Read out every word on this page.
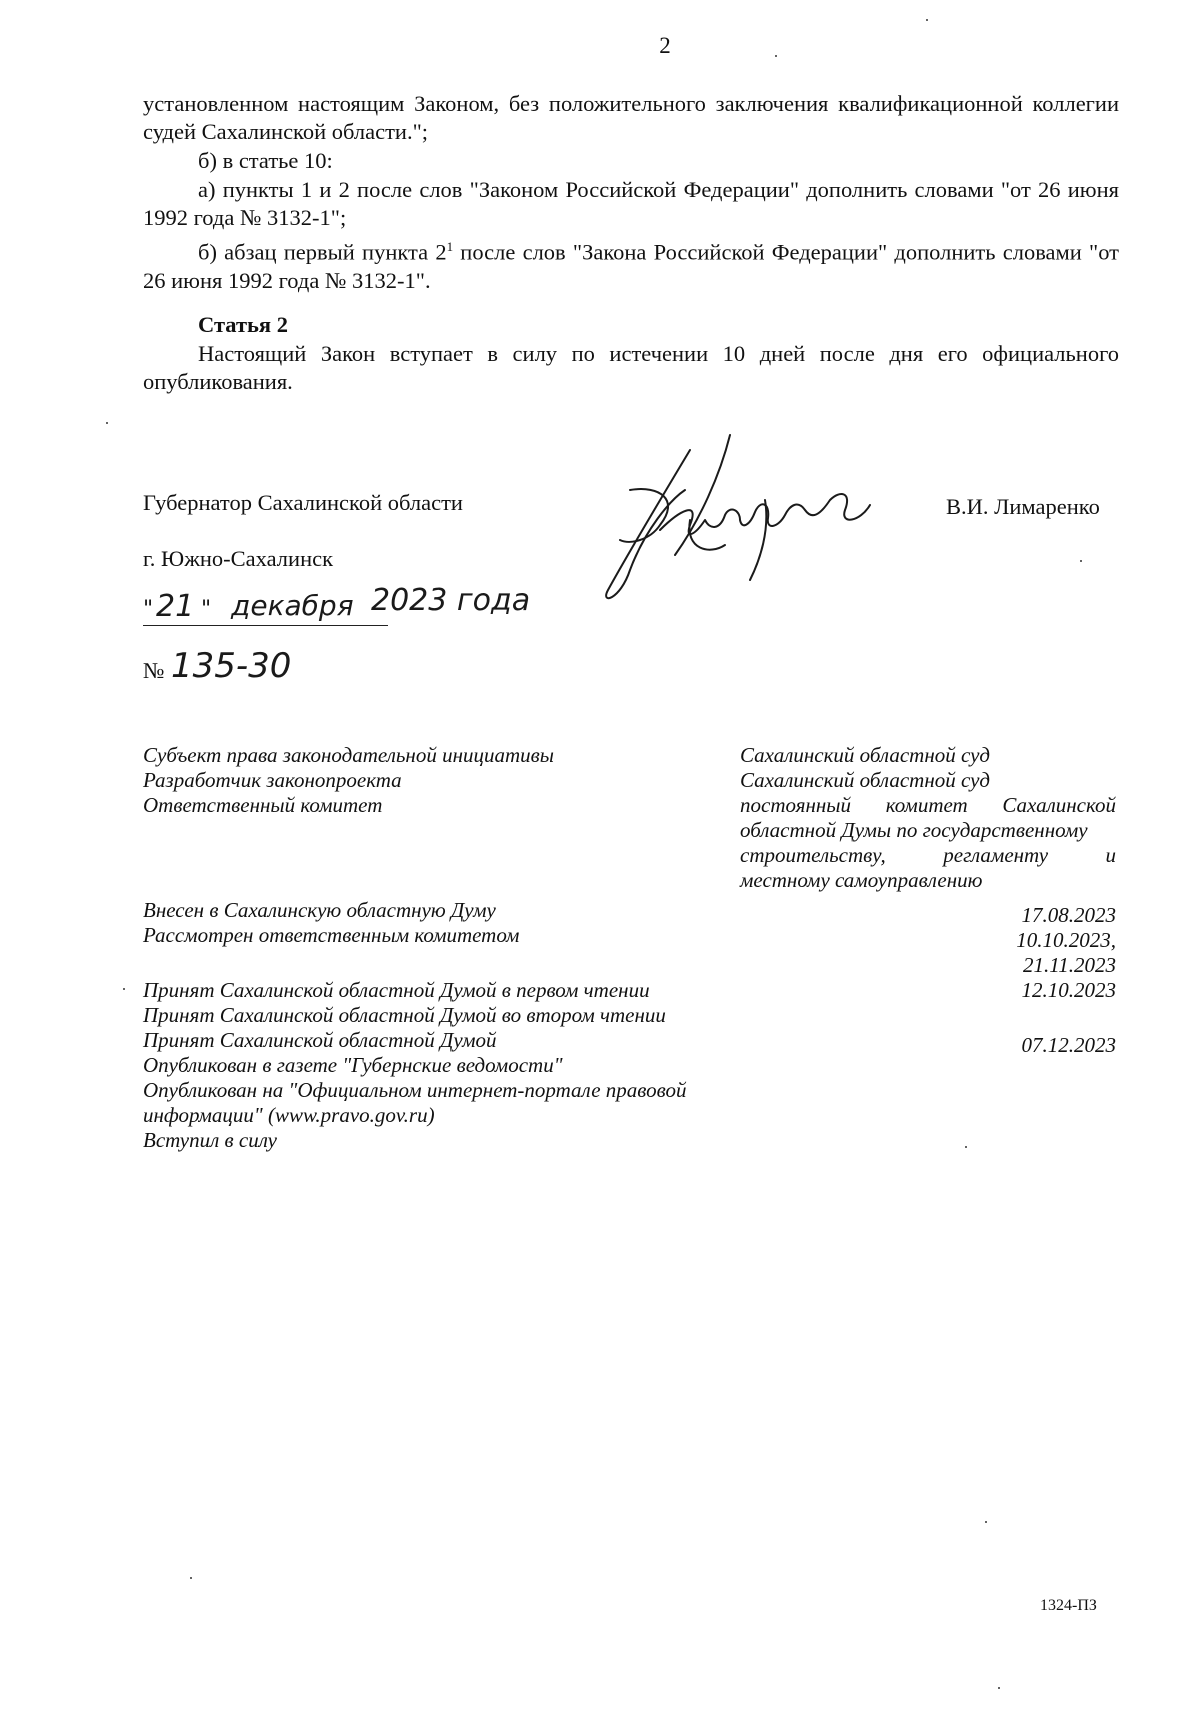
2
установленном настоящим Законом, без положительного заключения квалификационной коллегии судей Сахалинской области.";
б) в статье 10:
а) пункты 1 и 2 после слов "Законом Российской Федерации" дополнить словами "от 26 июня 1992 года № 3132-1";
б) абзац первый пункта $2^1$ после слов "Закона Российской Федерации" дополнить словами "от 26 июня 1992 года № 3132-1".
Статья 2
Настоящий Закон вступает в силу по истечении 10 дней после дня его официального опубликования.
Губернатор Сахалинской области	В.И. Лимаренко
г. Южно-Сахалинск
" 21 " декабря 2023 года
№ 135-30
Субъект права законодательной инициативы
Разработчик законопроекта
Ответственный комитет
Сахалинский областной суд
Сахалинский областной суд
постоянный комитет Сахалинской
областной Думы по государственному
строительству, регламенту и
местному самоуправлению
Внесен в Сахалинскую областную Думу
Рассмотрен ответственным комитетом
Принят Сахалинской областной Думой в первом чтении
Принят Сахалинской областной Думой во втором чтении
Принят Сахалинской областной Думой
Опубликован в газете "Губернские ведомости"
Опубликован на "Официальном интернет-портале правовой
информации" (www.pravo.gov.ru)
Вступил в силу
17.08.2023
10.10.2023,
21.11.2023
12.10.2023
07.12.2023
1324-ПЗ
